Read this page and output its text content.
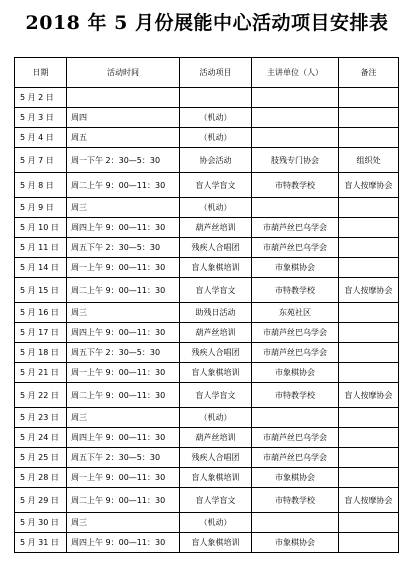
2018 年 5 月份展能中心活动项目安排表
日期	活动时间	活动项目	主讲单位（人）	备注
5 月 2 日				
5 月 3 日	周四	（机动）		
5 月 4 日	周五	（机动）		
5 月 7 日	周一下午 2：30—5：30	协会活动	肢残专门协会	组织处
5 月 8 日	周二上午 9：00—11：30	盲人学盲文	市特教学校	盲人按摩协会
5 月 9 日	周三	（机动）		
5 月 10 日	周四上午 9：00—11：30	葫芦丝培训	市葫芦丝巴乌学会	
5 月 11 日	周五下午 2：30—5：30	残疾人合唱团	市葫芦丝巴乌学会	
5 月 14 日	周一上午 9：00—11：30	盲人象棋培训	市象棋协会	
5 月 15 日	周二上午 9：00—11：30	盲人学盲文	市特教学校	盲人按摩协会
5 月 16 日	周三	助残日活动	东苑社区	
5 月 17 日	周四上午 9：00—11：30	葫芦丝培训	市葫芦丝巴乌学会	
5 月 18 日	周五下午 2：30—5：30	残疾人合唱团	市葫芦丝巴乌学会	
5 月 21 日	周一上午 9：00—11：30	盲人象棋培训	市象棋协会	
5 月 22 日	周二上午 9：00—11：30	盲人学盲文	市特教学校	盲人按摩协会
5 月 23 日	周三	（机动）		
5 月 24 日	周四上午 9：00—11：30	葫芦丝培训	市葫芦丝巴乌学会	
5 月 25 日	周五下午 2：30—5：30	残疾人合唱团	市葫芦丝巴乌学会	
5 月 28 日	周一上午 9：00—11：30	盲人象棋培训	市象棋协会	
5 月 29 日	周二上午 9：00—11：30	盲人学盲文	市特教学校	盲人按摩协会
5 月 30 日	周三	（机动）		
5 月 31 日	周四上午 9：00—11：30	盲人象棋培训	市象棋协会	
